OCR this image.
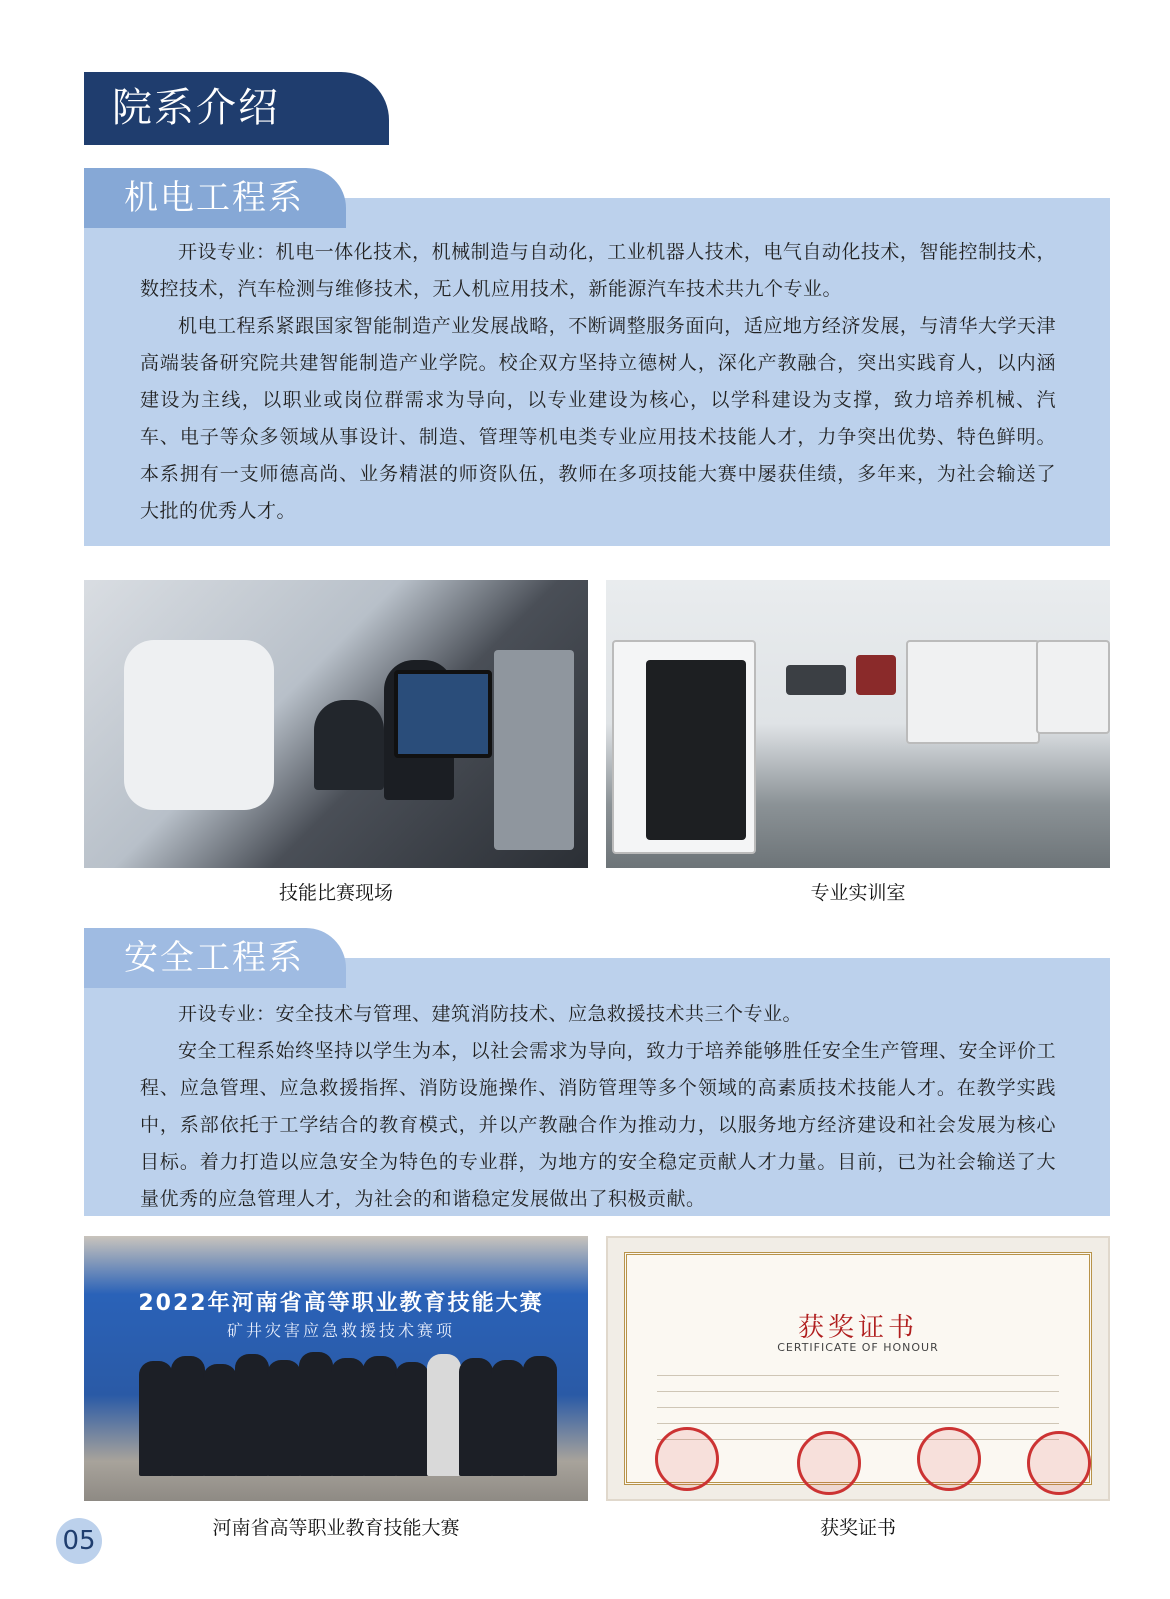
院系介绍
机电工程系

开设专业：机电一体化技术，机械制造与自动化，工业机器人技术，电气自动化技术，智能控制技术，数控技术，汽车检测与维修技术，无人机应用技术，新能源汽车技术共九个专业。

机电工程系紧跟国家智能制造产业发展战略，不断调整服务面向，适应地方经济发展，与清华大学天津高端装备研究院共建智能制造产业学院。校企双方坚持立德树人，深化产教融合，突出实践育人，以内涵建设为主线，以职业或岗位群需求为导向，以专业建设为核心，以学科建设为支撑，致力培养机械、汽车、电子等众多领域从事设计、制造、管理等机电类专业应用技术技能人才，力争突出优势、特色鲜明。本系拥有一支师德高尚、业务精湛的师资队伍，教师在多项技能大赛中屡获佳绩，多年来，为社会输送了大批的优秀人才。

技能比赛现场	专业实训室
安全工程系

开设专业：安全技术与管理、建筑消防技术、应急救援技术共三个专业。

安全工程系始终坚持以学生为本，以社会需求为导向，致力于培养能够胜任安全生产管理、安全评价工程、应急管理、应急救援指挥、消防设施操作、消防管理等多个领域的高素质技术技能人才。在教学实践中，系部依托于工学结合的教育模式，并以产教融合作为推动力，以服务地方经济建设和社会发展为核心目标。着力打造以应急安全为特色的专业群，为地方的安全稳定贡献人才力量。目前，已为社会输送了大量优秀的应急管理人才，为社会的和谐稳定发展做出了积极贡献。

2022年河南省高等职业教育技能大赛
矿井灾害应急救援技术赛项	获奖证书
CERTIFICATE OF HONOUR
河南省高等职业教育技能大赛	获奖证书
05
